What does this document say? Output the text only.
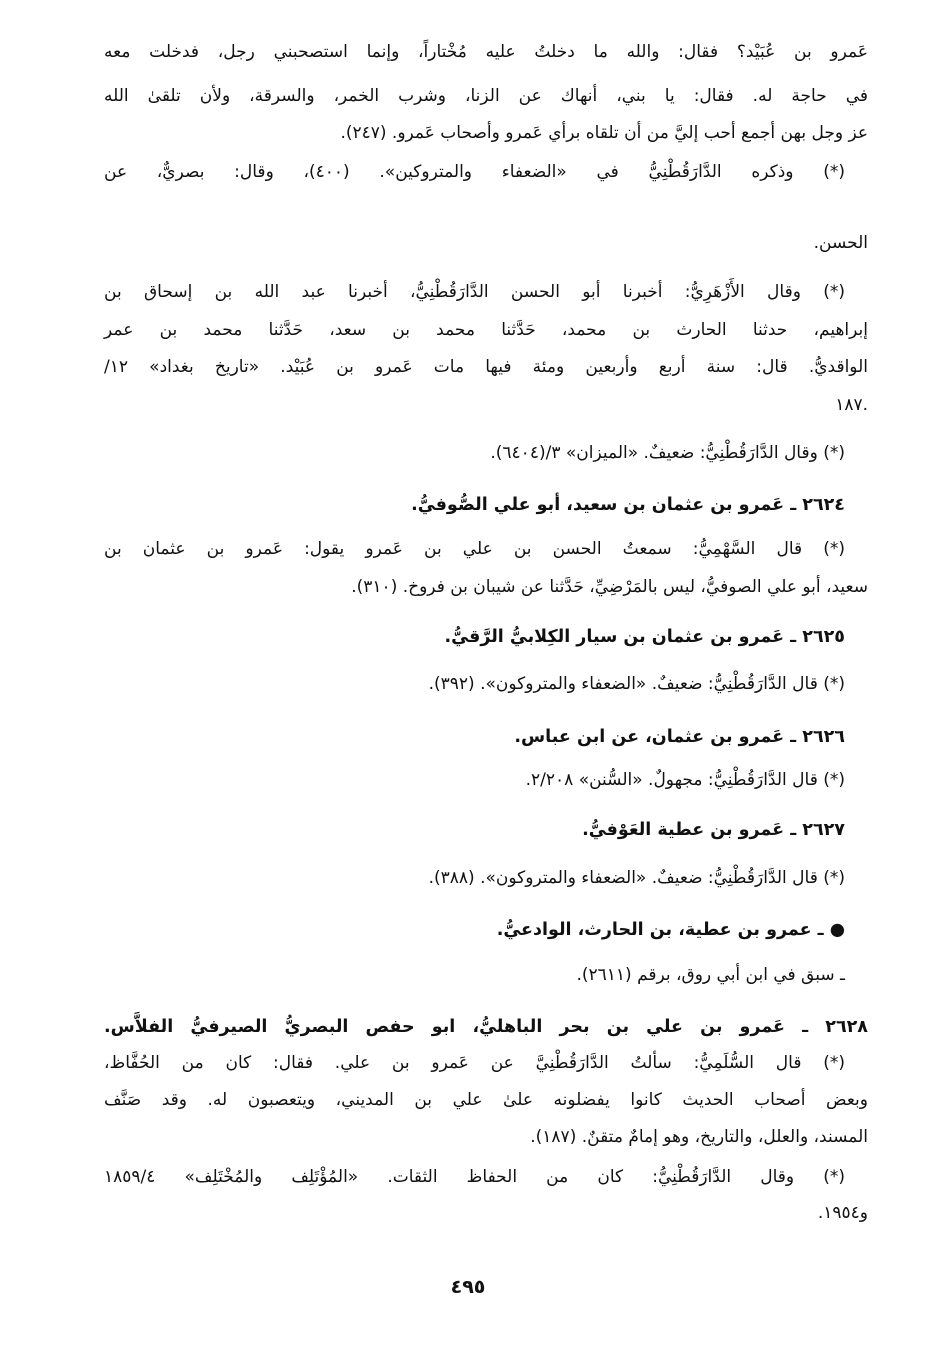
عَمرو بن عُبَيْد؟ فقال: والله ما دخلتُ عليه مُخْتاراً، وإنما استصحبني رجل، فدخلت معه
في حاجة له. فقال: يا بني، أنهاك عن الزنا، وشرب الخمر، والسرقة، ولأن تلقىٰ الله
عز وجل بهن أجمع أحب إليَّ من أن تلقاه برأي عَمرو وأصحاب عَمرو. (٢٤٧).
(*) وذكره الدَّارَقُطْنِيُّ في «الضعفاء والمتروكين». (٤٠٠)، وقال: بصريٌّ، عن
الحسن.
(*) وقال الأَزْهَرِيُّ: أخبرنا أبو الحسن الدَّارَقُطْنِيُّ، أخبرنا عبد الله بن إسحاق بن
إبراهيم، حدثنا الحارث بن محمد، حَدَّثنا محمد بن سعد، حَدَّثنا محمد بن عمر
الواقديُّ. قال: سنة أربع وأربعين ومئة فيها مات عَمرو بن عُبَيْد. «تاريخ بغداد» ١٢/
.١٨٧
(*) وقال الدَّارَقُطْنِيُّ: ضعيفٌ. «الميزان» ٣/(٦٤٠٤).
٢٦٢٤ ـ عَمرو بن عثمان بن سعيد، أبو علي الصُّوفيُّ.
(*) قال السَّهْمِيُّ: سمعتُ الحسن بن علي بن عَمرو يقول: عَمرو بن عثمان بن
سعيد، أبو علي الصوفيُّ، ليس بالمَرْضِيِّ، حَدَّثنا عن شيبان بن فروخ. (٣١٠).
٢٦٢٥ ـ عَمرو بن عثمان بن سيار الكِلابيُّ الرَّقيُّ.
(*) قال الدَّارَقُطْنِيُّ: ضعيفٌ. «الضعفاء والمتروكون». (٣٩٢).
٢٦٢٦ ـ عَمرو بن عثمان، عن ابن عباس.
(*) قال الدَّارَقُطْنِيُّ: مجهولٌ. «السُّنن» ٢/٢٠٨.
٢٦٢٧ ـ عَمرو بن عطية العَوْفيُّ.
(*) قال الدَّارَقُطْنِيُّ: ضعيفٌ. «الضعفاء والمتروكون». (٣٨٨).
● ـ عمرو بن عطية، بن الحارث، الوادعيُّ.
ـ سبق في ابن أبي روق، برقم (٢٦١١).
٢٦٢٨ ـ عَمرو بن علي بن بحر الباهليُّ، ابو حفص البصريُّ الصيرفيُّ الفلاَّس.
(*) قال السُّلَمِيُّ: سألتُ الدَّارَقُطْنِيَّ عن عَمرو بن علي. فقال: كان من الحُفَّاظ،
وبعض أصحاب الحديث كانوا يفضلونه علىٰ علي بن المديني، ويتعصبون له. وقد صَنَّف
المسند، والعلل، والتاريخ، وهو إمامٌ متقنٌ. (١٨٧).
(*) وقال الدَّارَقُطْنِيُّ: كان من الحفاظ الثقات. «المُؤْتَلِف والمُخْتَلِف» ١٨٥٩/٤
و١٩٥٤.
٤٩٥
